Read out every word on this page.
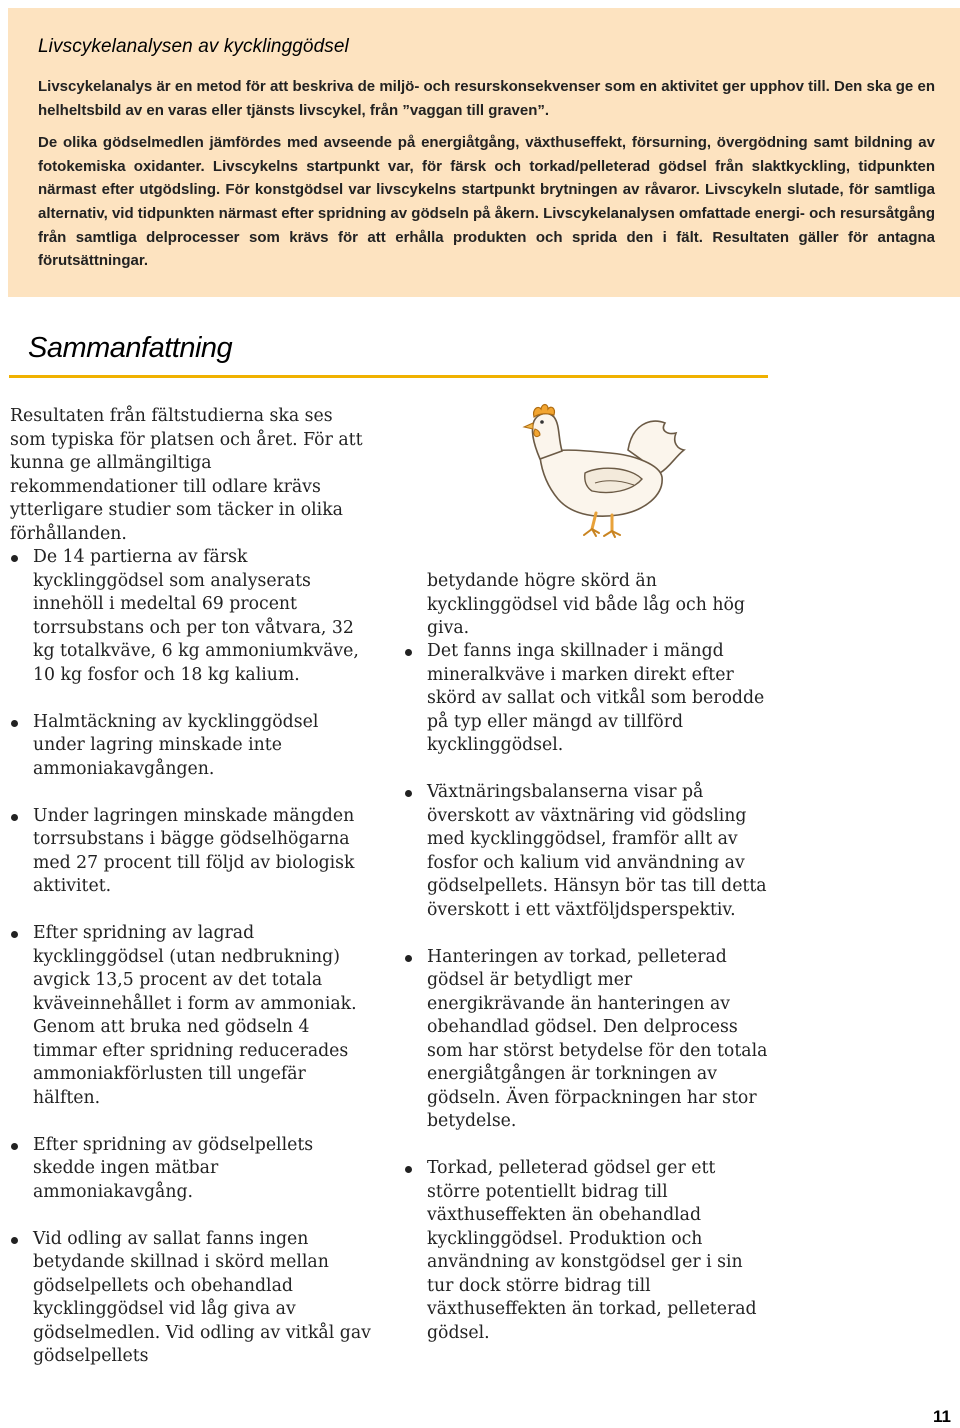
Livscykelanalysen av kycklinggödsel

Livscykelanalys är en metod för att beskriva de miljö- och resurskonsekvenser som en aktivitet ger upphov till. Den ska ge en helheltsbild av en varas eller tjänsts livscykel, från ”vaggan till graven”.

De olika gödselmedlen jämfördes med avseende på energiåtgång, växthuseffekt, försurning, övergödning samt bildning av fotokemiska oxidanter. Livscykelns startpunkt var, för färsk och torkad/pelleterad gödsel från slaktkyckling, tidpunkten närmast efter utgödsling. För konstgödsel var livscykelns startpunkt brytningen av råvaror. Livscykeln slutade, för samtliga alternativ, vid tidpunkten närmast efter spridning av gödseln på åkern. Livscykelanalysen omfattade energi- och resursåtgång från samtliga delprocesser som krävs för att erhålla produkten och sprida den i fält. Resultaten gäller för antagna förutsättningar.

Sammanfattning

Resultaten från fältstudierna ska ses som typiska för platsen och året. För att kunna ge allmängiltiga rekommendationer till odlare krävs ytterligare studier som täcker in olika förhållanden.

De 14 partierna av färsk kycklinggödsel som analyserats innehöll i medeltal 69 procent torrsubstans och per ton våtvara, 32 kg totalkväve, 6 kg ammoniumkväve, 10 kg fosfor och 18 kg kalium.
Halmtäckning av kycklinggödsel under lagring minskade inte ammoniakavgången.
Under lagringen minskade mängden torrsubstans i bägge gödselhögarna med 27 procent till följd av biologisk aktivitet.
Efter spridning av lagrad kycklinggödsel (utan nedbrukning) avgick 13,5 procent av det totala kväveinnehållet i form av ammoniak. Genom att bruka ned gödseln 4 timmar efter spridning reducerades ammoniakförlusten till ungefär hälften.
Efter spridning av gödselpellets skedde ingen mätbar ammoniakavgång.
Vid odling av sallat fanns ingen betydande skillnad i skörd mellan gödselpellets och obehandlad kycklinggödsel vid låg giva av gödselmedlen. Vid odling av vitkål gav gödselpellets

betydande högre skörd än kycklinggödsel vid både låg och hög giva.

Det fanns inga skillnader i mängd mineralkväve i marken direkt efter skörd av sallat och vitkål som berodde på typ eller mängd av tillförd kycklinggödsel.
Växtnäringsbalanserna visar på överskott av växtnäring vid gödsling med kycklinggödsel, framför allt av fosfor och kalium vid användning av gödselpellets. Hänsyn bör tas till detta överskott i ett växtföljdsperspektiv.
Hanteringen av torkad, pelleterad gödsel är betydligt mer energikrävande än hanteringen av obehandlad gödsel. Den delprocess som har störst betydelse för den totala energiåtgången är torkningen av gödseln. Även förpackningen har stor betydelse.
Torkad, pelleterad gödsel ger ett större potentiellt bidrag till växthuseffekten än obehandlad kycklinggödsel. Produktion och användning av konstgödsel ger i sin tur dock större bidrag till växthuseffekten än torkad, pelleterad gödsel.
11
